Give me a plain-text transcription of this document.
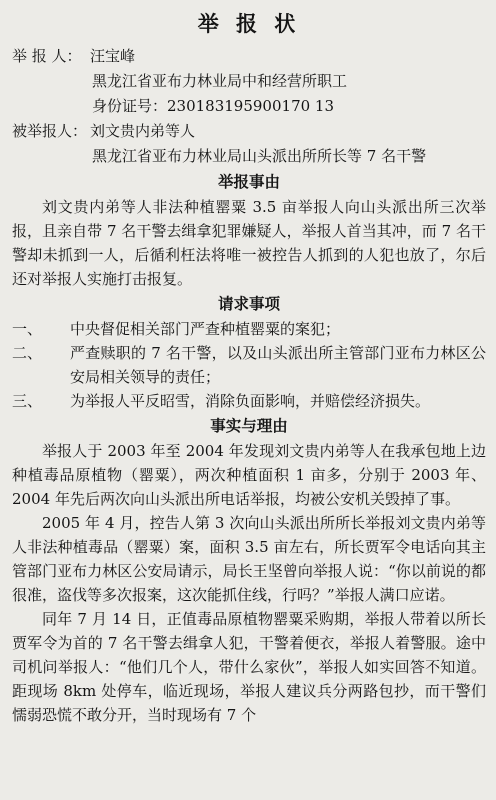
举 报 状
举 报 人： 汪宝峰
黑龙江省亚布力林业局中和经营所职工
身份证号：230183195900170 13
被举报人： 刘文贵内弟等人
黑龙江省亚布力林业局山头派出所所长等 7 名干警
举报事由

刘文贵内弟等人非法种植罂粟 3.5 亩举报人向山头派出所三次举报，且亲自带 7 名干警去缉拿犯罪嫌疑人，举报人首当其冲，而 7 名干警却未抓到一人，后循利枉法将唯一被控告人抓到的人犯也放了，尔后还对举报人实施打击报复。

请求事项
一、	中央督促相关部门严查种植罂粟的案犯；
二、	严查赎职的 7 名干警，以及山头派出所主管部门亚布力林区公安局相关领导的责任；
三、	为举报人平反昭雪，消除负面影响，并赔偿经济损失。
事实与理由

举报人于 2003 年至 2004 年发现刘文贵内弟等人在我承包地上边种植毒品原植物（罂粟），两次种植面积 1 亩多，分别于 2003 年、2004 年先后两次向山头派出所电话举报，均被公安机关毁掉了事。

2005 年 4 月，控告人第 3 次向山头派出所所长举报刘文贵内弟等人非法种植毒品（罂粟）案，面积 3.5 亩左右，所长贾军令电话向其主管部门亚布力林区公安局请示，局长王坚曾向举报人说：“你以前说的都很准，盗伐等多次报案，这次能抓住线，行吗？”举报人满口应诺。

同年 7 月 14 日，正值毒品原植物罂粟采购期，举报人带着以所长贾军令为首的 7 名干警去缉拿人犯，干警着便衣，举报人着警服。途中司机问举报人：“他们几个人，带什么家伙”，举报人如实回答不知道。距现场 8km 处停车，临近现场，举报人建议兵分两路包抄，而干警们懦弱恐慌不敢分开，当时现场有 7 个
